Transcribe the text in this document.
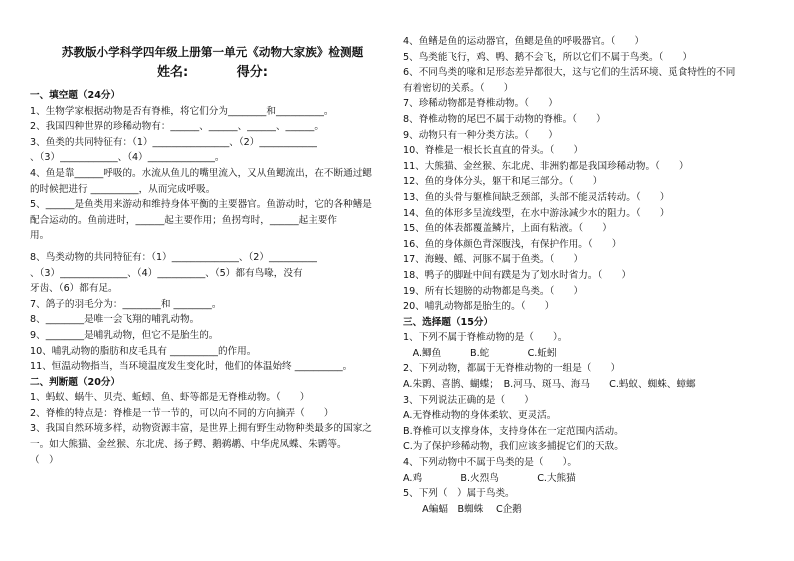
苏教版小学科学四年级上册第一单元《动物大家族》检测题
姓名:	得分:
一、填空题（24分）
1、生物学家根据动物是否有脊椎，将它们分为________和__________。
2、我国四种世界的珍稀动物有：______、______、______、______。
3、鱼类的共同特征有：（1）________________、（2）____________
、（3）____________、（4）______________。
4、鱼是靠______呼吸的。水流从鱼儿的嘴里流入，又从鱼鳃流出，在不断通过鳃
的时候把进行 __________，从而完成呼吸。
5、______是鱼类用来游动和维持身体平衡的主要器官。鱼游动时，它的各种鳍是
配合运动的。鱼前进时，______起主要作用；鱼拐弯时，______起主要作
用。
8、鸟类动物的共同特征有：（1）______________、（2）__________
、（3）______________、（4）__________、（5）都有鸟喙，没有
牙齿、（6）都有足。
7、鸽子的羽毛分为：________和 ________。
8、________是唯一会飞翔的哺乳动物。
9、________是哺乳动物，但它不是胎生的。
10、哺乳动物的脂肪和皮毛具有 __________的作用。
11、恒温动物指当，当环境温度发生变化时，他们的体温始终 __________。
二、判断题（20分）
1、蚂蚁、蜗牛、贝壳、蚯蚓、鱼、虾等都是无脊椎动物。（　　）
2、脊椎的特点是：脊椎是一节一节的，可以向不同的方向摘弄（　　）
3、我国自然环境多样，动物资源丰富，是世界上拥有野生动物种类最多的国家之
一。如大熊猫、金丝猴、东北虎、扬子鳄、鹅鹈鹕、中华虎凤蝶、朱鹮等。
（　）
4、鱼鳍是鱼的运动器官，鱼鳃是鱼的呼吸器官。（　　）
5、鸟类能飞行，鸡、鸭、鹅不会飞，所以它们不属于鸟类。（　　）
6、不同鸟类的喙和足形态差异都很大，这与它们的生活环境、觅食特性的不同
有着密切的关系。（　　）
7、珍稀动物都是脊椎动物。（　　）
8、脊椎动物的尾巴不属于动物的脊椎。（　　）
9、动物只有一种分类方法。（　　）
10、脊椎是一根长长直直的骨头。（　　）
11、大熊猫、金丝猴、东北虎、非洲豹都是我国珍稀动物。（　　）
12、鱼的身体分头，躯干和尾三部分。（　　）
13、鱼的头骨与躯椎间缺乏颈部，头部不能灵活转动。（　　）
14、鱼的体形多呈流线型，在水中游泳减少水的阻力。（　　）
15、鱼的体表都覆盖鳞片，上面有粘液。（　　）
16、鱼的身体颜色背深腹浅，有保护作用。（　　）
17、海鳗、鳐、河豚不属于鱼类。（　　）
18、鸭子的脚趾中间有蹼是为了划水时省力。（　　）
19、所有长翅膀的动物都是鸟类。（　　）
20、哺乳动物都是胎生的。（　　）
三、选择题（15分）
1、下列不属于脊椎动物的是（　　）。
　A.鲫鱼　　　B.蛇　　　　C.蚯蚓
2、下列动物，都属于无脊椎动物的一组是（　　）
A.朱鹮、喜鹊、蝴蝶；　B.河马、斑马、海马　　C.蚂蚁、蜘蛛、蟑螂
3、下列说法正确的是（　　）
A.无脊椎动物的身体柔软、更灵活。
B.脊椎可以支撑身体，支持身体在一定范围内活动。
C.为了保护珍稀动物，我们应该多捕捉它们的天敌。
4、下列动物中不属于鸟类的是（　　）。
A.鸡　　　　B.火烈鸟　　　　C.大熊猫
5、下列（　）属于鸟类。
　　A蝙蝠　B蜘蛛　 C企鹅
